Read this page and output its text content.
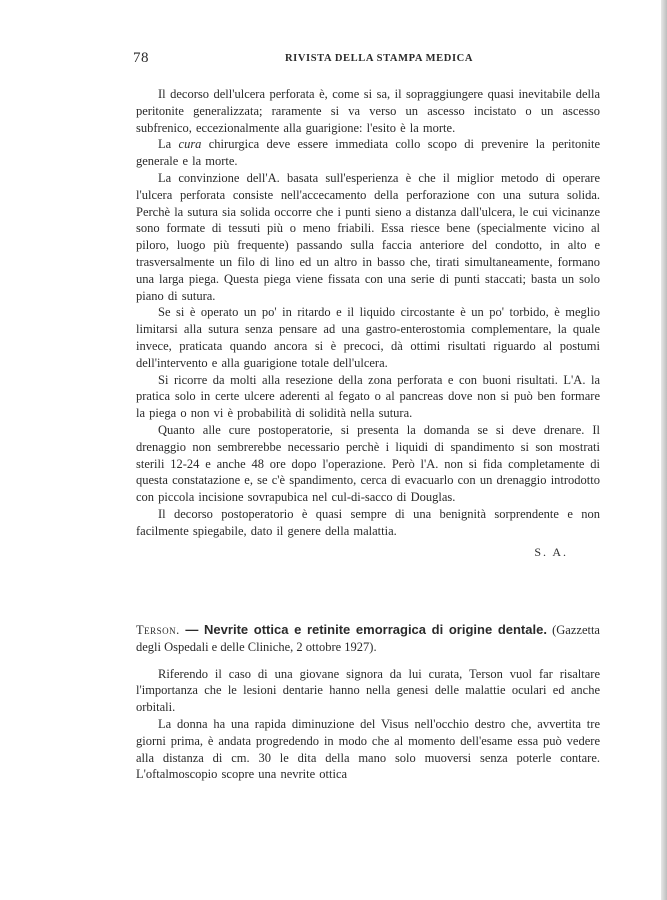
78	RIVISTA DELLA STAMPA MEDICA

Il decorso dell'ulcera perforata è, come si sa, il sopraggiungere quasi inevitabile della peritonite generalizzata; raramente si va verso un ascesso incistato o un ascesso subfrenico, eccezionalmente alla guarigione: l'esito è la morte.

La cura chirurgica deve essere immediata collo scopo di prevenire la peritonite generale e la morte.

La convinzione dell'A. basata sull'esperienza è che il miglior metodo di operare l'ulcera perforata consiste nell'accecamento della perforazione con una sutura solida. Perchè la sutura sia solida occorre che i punti sieno a distanza dall'ulcera, le cui vicinanze sono formate di tessuti più o meno friabili. Essa riesce bene (specialmente vicino al piloro, luogo più frequente) passando sulla faccia anteriore del condotto, in alto e trasversalmente un filo di lino ed un altro in basso che, tirati simultaneamente, formano una larga piega. Questa piega viene fissata con una serie di punti staccati; basta un solo piano di sutura.

Se si è operato un po' in ritardo e il liquido circostante è un po' torbido, è meglio limitarsi alla sutura senza pensare ad una gastro-enterostomia complementare, la quale invece, praticata quando ancora si è precoci, dà ottimi risultati riguardo al postumi dell'intervento e alla guarigione totale dell'ulcera.

Si ricorre da molti alla resezione della zona perforata e con buoni risultati. L'A. la pratica solo in certe ulcere aderenti al fegato o al pancreas dove non si può ben formare la piega o non vi è probabilità di solidità nella sutura.

Quanto alle cure postoperatorie, si presenta la domanda se si deve drenare. Il drenaggio non sembrerebbe necessario perchè i liquidi di spandimento si son mostrati sterili 12-24 e anche 48 ore dopo l'operazione. Però l'A. non si fida completamente di questa constatazione e, se c'è spandimento, cerca di evacuarlo con un drenaggio introdotto con piccola incisione sovrapubica nel cul-di-sacco di Douglas.

Il decorso postoperatorio è quasi sempre di una benignità sorprendente e non facilmente spiegabile, dato il genere della malattia.

S. A.

Terson. — Nevrite ottica e retinite emorragica di origine dentale. (Gazzetta degli Ospedali e delle Cliniche, 2 ottobre 1927).

Riferendo il caso di una giovane signora da lui curata, Terson vuol far risaltare l'importanza che le lesioni dentarie hanno nella genesi delle malattie oculari ed anche orbitali.

La donna ha una rapida diminuzione del Visus nell'occhio destro che, avvertita tre giorni prima, è andata progredendo in modo che al momento dell'esame essa può vedere alla distanza di cm. 30 le dita della mano solo muoversi senza poterle contare. L'oftalmoscopio scopre una nevrite ottica
